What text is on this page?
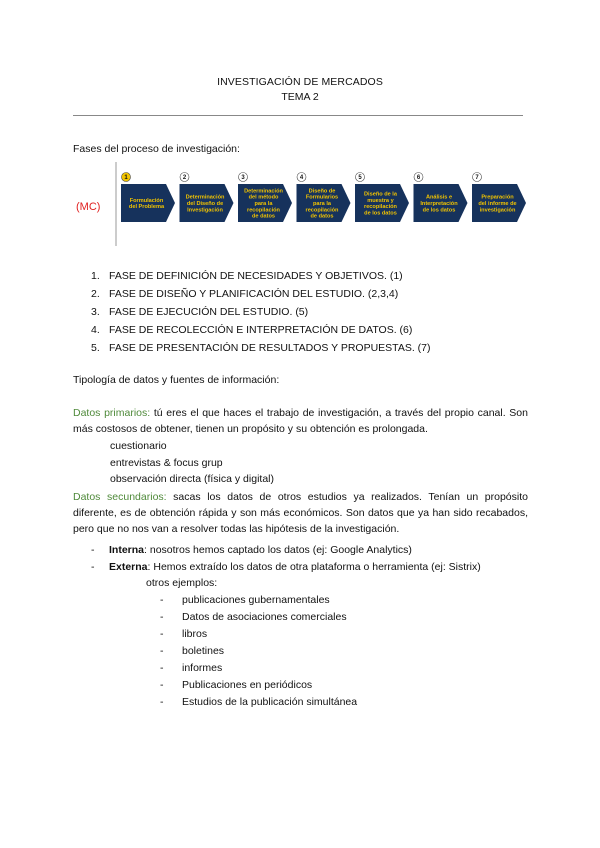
INVESTIGACIÓN DE MERCADOS
TEMA 2
Fases del proceso de investigación:
(MC)
1
Formulación
del Problema
2
Determinación
del Diseño de
Investigación
3
Determinación
del método
para la
recopilación
de datos
4
Diseño de
Formularios
para la
recopilación
de datos
5
Diseño de la
muestra y
recopilación
de los datos
6
Análisis e
Interpretación
de los datos
7
Preparación
del informe de
investigación
1. FASE DE DEFINICIÓN DE NECESIDADES Y OBJETIVOS. (1)
2. FASE DE DISEÑO Y PLANIFICACIÓN DEL ESTUDIO. (2,3,4)
3. FASE DE EJECUCIÓN DEL ESTUDIO. (5)
4. FASE DE RECOLECCIÓN E INTERPRETACIÓN DE DATOS. (6)
5. FASE DE PRESENTACIÓN DE RESULTADOS Y PROPUESTAS. (7)
Tipología de datos y fuentes de información:
Datos primarios: tú eres el que haces el trabajo de investigación, a través del propio canal. Son más costosos de obtener, tienen un propósito y su obtención es prolongada.
cuestionario
entrevistas & focus grup
observación directa (física y digital)
Datos secundarios: sacas los datos de otros estudios ya realizados. Tenían un propósito diferente, es de obtención rápida y son más económicos. Son datos que ya han sido recabados, pero que no nos van a resolver todas las hipótesis de la investigación.
- Interna: nosotros hemos captado los datos (ej: Google Analytics)
- Externa: Hemos extraído los datos de otra plataforma o herramienta (ej: Sistrix)
otros ejemplos:
- publicaciones gubernamentales
- Datos de asociaciones comerciales
- libros
- boletines
- informes
- Publicaciones en periódicos
- Estudios de la publicación simultánea
